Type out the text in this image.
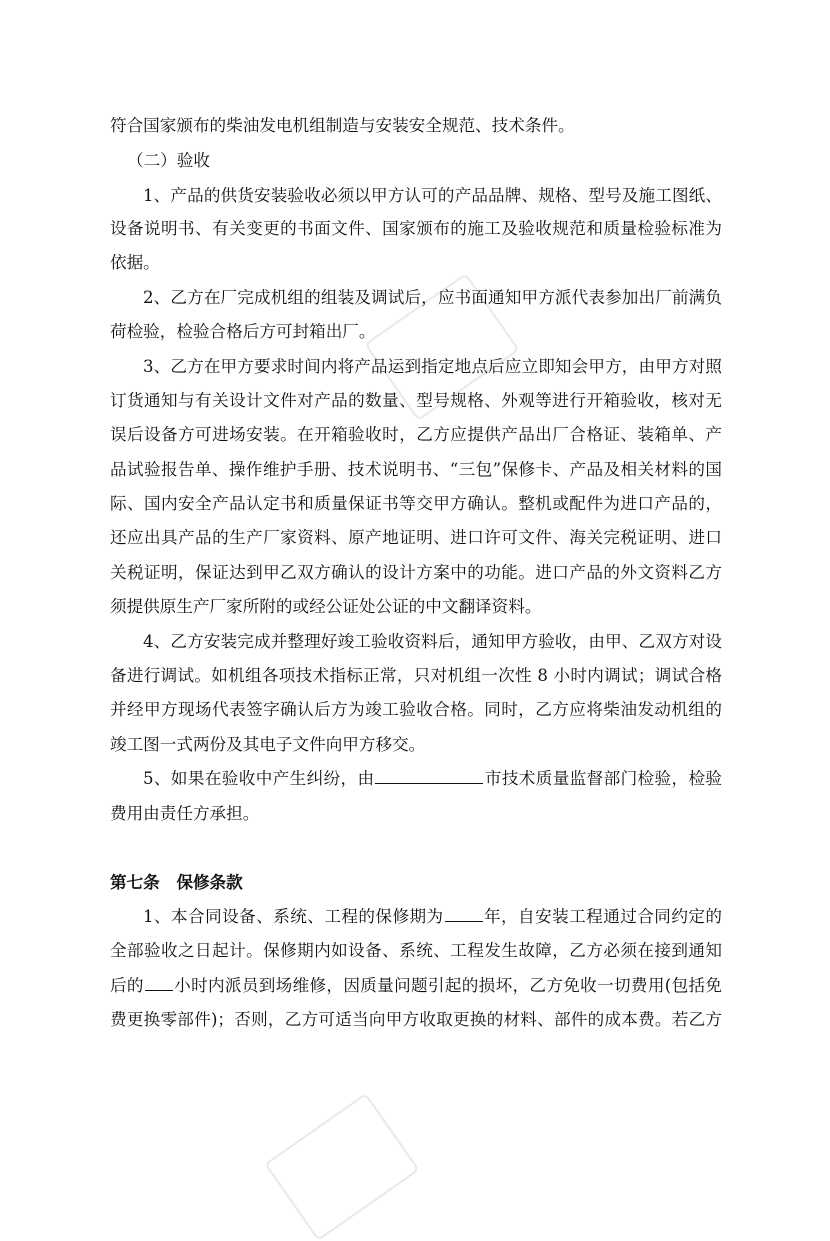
符合国家颁布的柴油发电机组制造与安装安全规范、技术条件。
（二）验收
1、产品的供货安装验收必须以甲方认可的产品品牌、规格、型号及施工图纸、
设备说明书、有关变更的书面文件、国家颁布的施工及验收规范和质量检验标准为
依据。
2、乙方在厂完成机组的组装及调试后，应书面通知甲方派代表参加出厂前满负
荷检验，检验合格后方可封箱出厂。
3、乙方在甲方要求时间内将产品运到指定地点后应立即知会甲方，由甲方对照
订货通知与有关设计文件对产品的数量、型号规格、外观等进行开箱验收，核对无
误后设备方可进场安装。在开箱验收时，乙方应提供产品出厂合格证、装箱单、产
品试验报告单、操作维护手册、技术说明书、“三包”保修卡、产品及相关材料的国
际、国内安全产品认定书和质量保证书等交甲方确认。整机或配件为进口产品的，
还应出具产品的生产厂家资料、原产地证明、进口许可文件、海关完税证明、进口
关税证明，保证达到甲乙双方确认的设计方案中的功能。进口产品的外文资料乙方
须提供原生产厂家所附的或经公证处公证的中文翻译资料。
4、乙方安装完成并整理好竣工验收资料后，通知甲方验收，由甲、乙双方对设
备进行调试。如机组各项技术指标正常，只对机组一次性 8 小时内调试；调试合格
并经甲方现场代表签字确认后方为竣工验收合格。同时，乙方应将柴油发动机组的
竣工图一式两份及其电子文件向甲方移交。
5、如果在验收中产生纠纷，由	市技术质量监督部门检验，检验
费用由责任方承担。
第七条　保修条款
1、本合同设备、系统、工程的保修期为 年，自安装工程通过合同约定的
全部验收之日起计。保修期内如设备、系统、工程发生故障，乙方必须在接到通知
后的 小时内派员到场维修，因质量问题引起的损坏，乙方免收一切费用(包括免
费更换零部件)；否则，乙方可适当向甲方收取更换的材料、部件的成本费。若乙方
